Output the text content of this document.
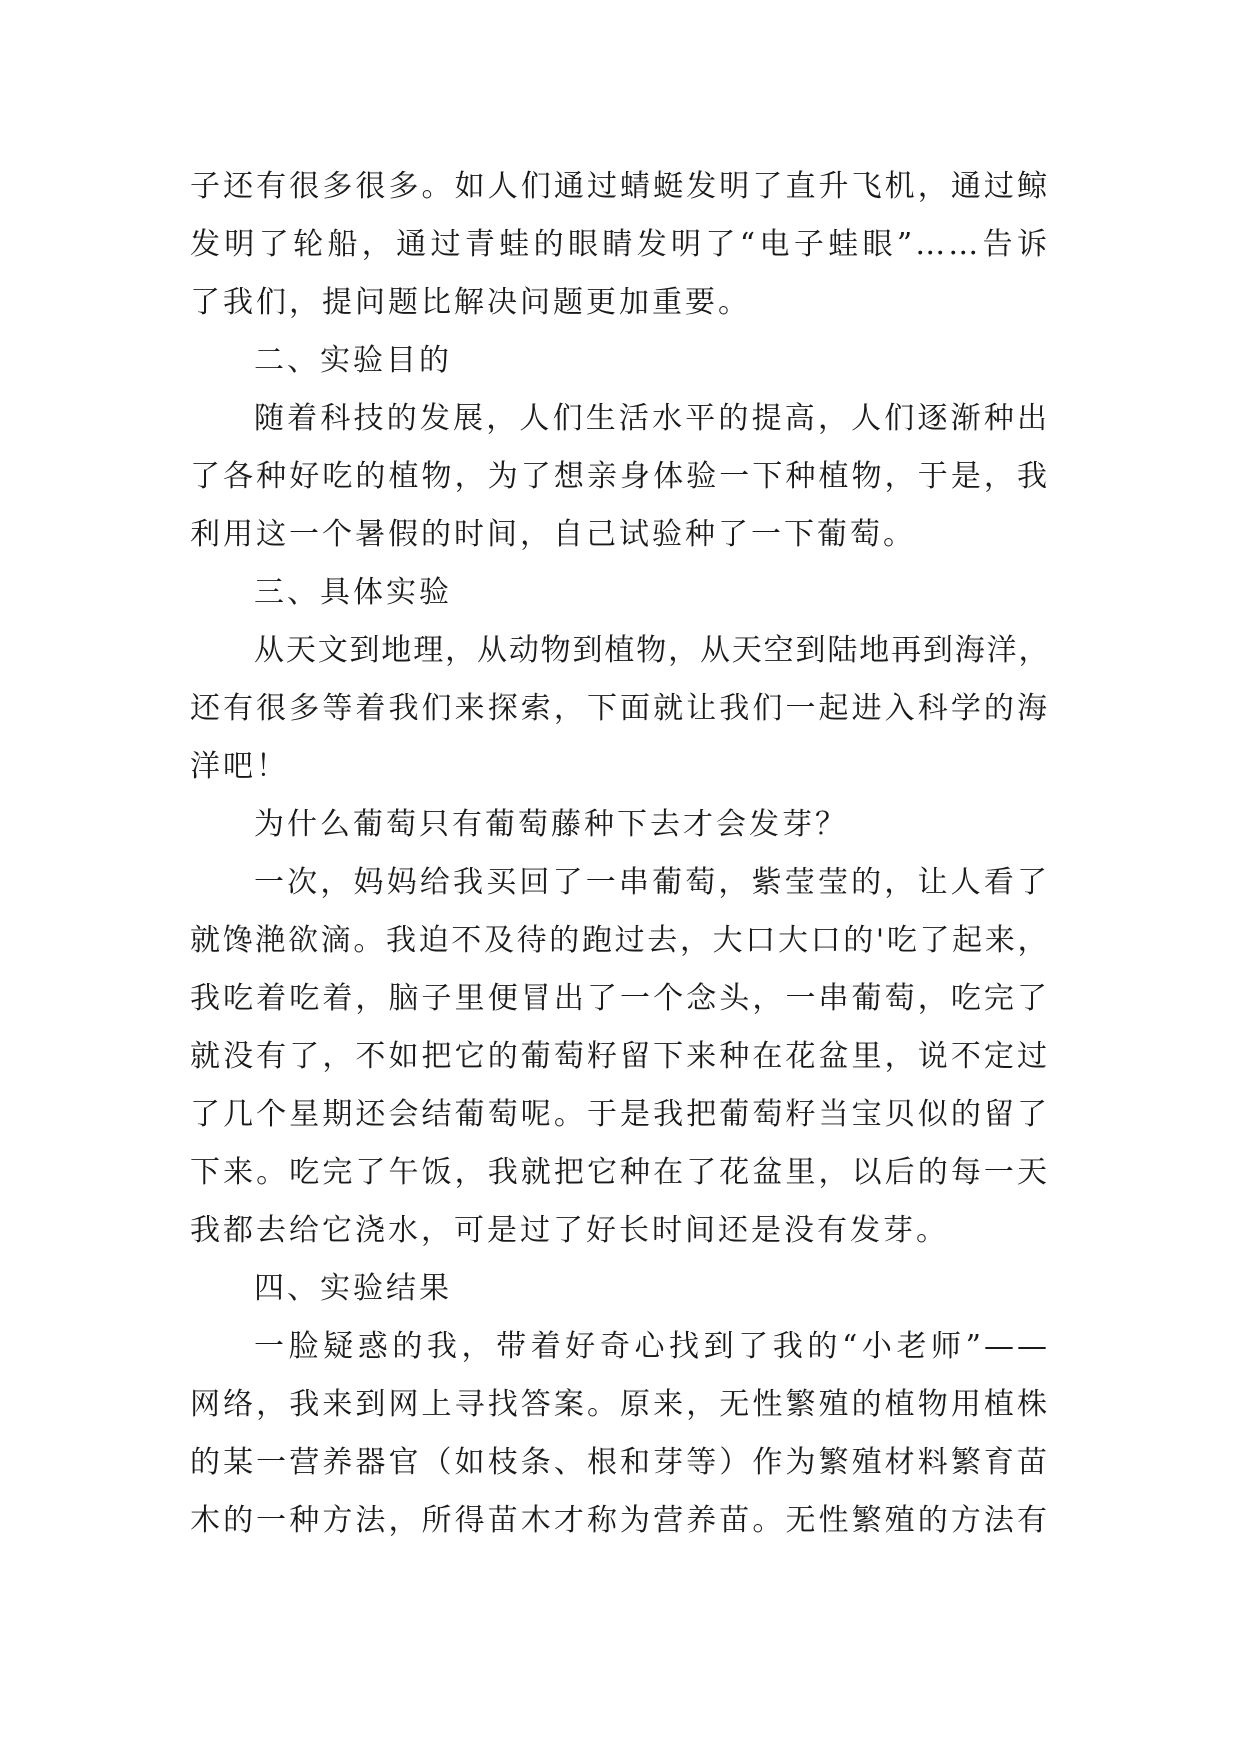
子还有很多很多。如人们通过蜻蜓发明了直升飞机，通过鲸
发明了轮船，通过青蛙的眼睛发明了“电子蛙眼”……告诉
了我们，提问题比解决问题更加重要。
二、实验目的
随着科技的发展，人们生活水平的提高，人们逐渐种出
了各种好吃的植物，为了想亲身体验一下种植物，于是，我
利用这一个暑假的时间，自己试验种了一下葡萄。
三、具体实验
从天文到地理，从动物到植物，从天空到陆地再到海洋，
还有很多等着我们来探索，下面就让我们一起进入科学的海
洋吧！
为什么葡萄只有葡萄藤种下去才会发芽？
一次，妈妈给我买回了一串葡萄，紫莹莹的，让人看了
就馋滟欲滴。我迫不及待的跑过去，大口大口的'吃了起来，
我吃着吃着，脑子里便冒出了一个念头，一串葡萄，吃完了
就没有了，不如把它的葡萄籽留下来种在花盆里，说不定过
了几个星期还会结葡萄呢。于是我把葡萄籽当宝贝似的留了
下来。吃完了午饭，我就把它种在了花盆里，以后的每一天
我都去给它浇水，可是过了好长时间还是没有发芽。
四、实验结果
一脸疑惑的我，带着好奇心找到了我的“小老师”——
网络，我来到网上寻找答案。原来，无性繁殖的植物用植株
的某一营养器官（如枝条、根和芽等）作为繁殖材料繁育苗
木的一种方法，所得苗木才称为营养苗。无性繁殖的方法有
